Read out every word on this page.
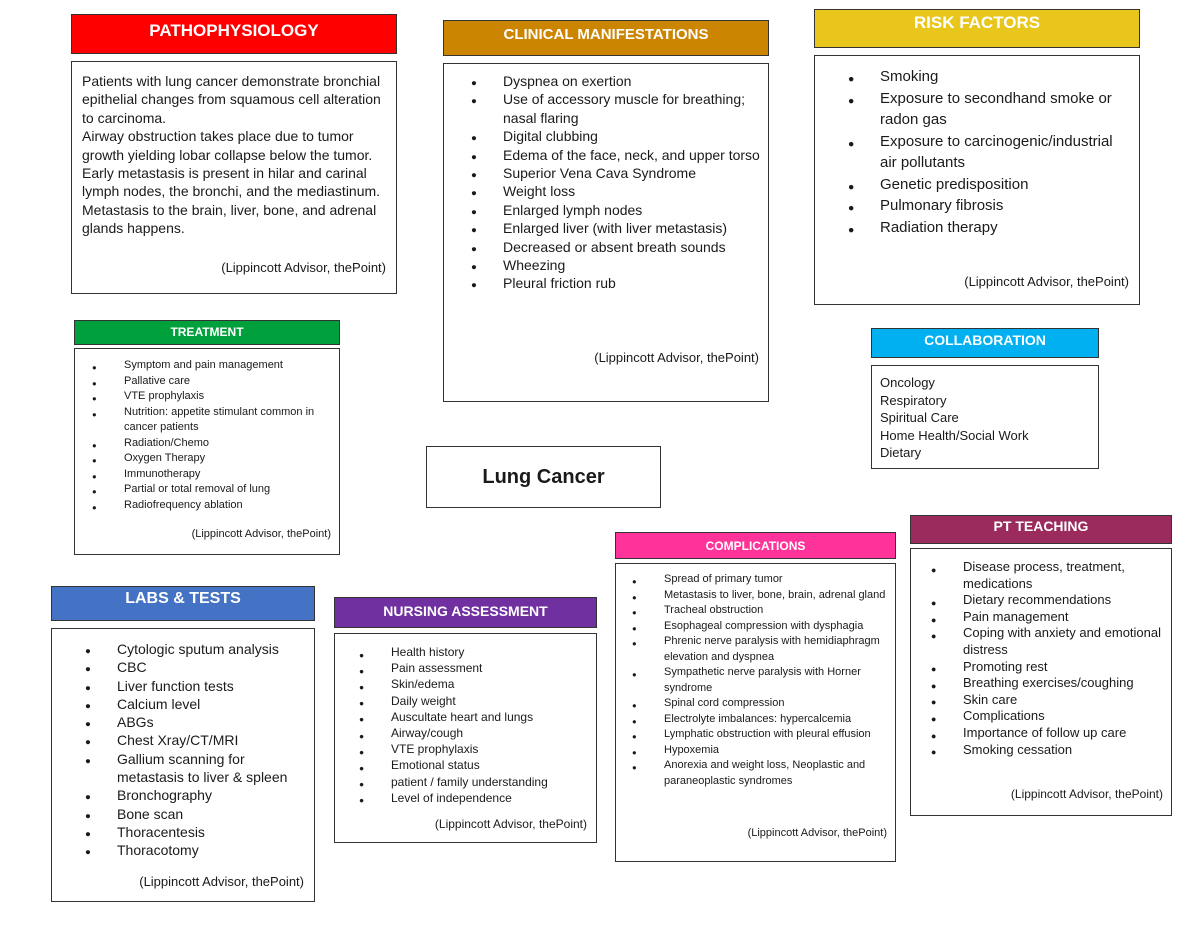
PATHOPHYSIOLOGY

Patients with lung cancer demonstrate bronchial epithelial changes from squamous cell alteration to carcinoma.

Airway obstruction takes place due to tumor growth yielding lobar collapse below the tumor. Early metastasis is present in hilar and carinal lymph nodes, the bronchi, and the mediastinum. Metastasis to the brain, liver, bone, and adrenal glands happens.

(Lippincott Advisor, thePoint)
CLINICAL MANIFESTATIONS
● Dyspnea on exertion
● Use of accessory muscle for breathing; nasal flaring
● Digital clubbing
● Edema of the face, neck, and upper torso
● Superior Vena Cava Syndrome
● Weight loss
● Enlarged lymph nodes
● Enlarged liver (with liver metastasis)
● Decreased or absent breath sounds
● Wheezing
● Pleural friction rub
(Lippincott Advisor, thePoint)
RISK FACTORS
● Smoking
● Exposure to secondhand smoke or radon gas
● Exposure to carcinogenic/industrial air pollutants
● Genetic predisposition
● Pulmonary fibrosis
● Radiation therapy
(Lippincott Advisor, thePoint)
TREATMENT
● Symptom and pain management
● Pallative care
● VTE prophylaxis
● Nutrition: appetite stimulant common in cancer patients
● Radiation/Chemo
● Oxygen Therapy
● Immunotherapy
● Partial or total removal of lung
● Radiofrequency ablation
(Lippincott Advisor, thePoint)
COLLABORATION
Oncology
Respiratory
Spiritual Care
Home Health/Social Work
Dietary
Lung Cancer
PT TEACHING
● Disease process, treatment, medications
● Dietary recommendations
● Pain management
● Coping with anxiety and emotional distress
● Promoting rest
● Breathing exercises/coughing
● Skin care
● Complications
● Importance of follow up care
● Smoking cessation
(Lippincott Advisor, thePoint)
COMPLICATIONS
● Spread of primary tumor
● Metastasis to liver, bone, brain, adrenal gland
● Tracheal obstruction
● Esophageal compression with dysphagia
● Phrenic nerve paralysis with hemidiaphragm elevation and dyspnea
● Sympathetic nerve paralysis with Horner syndrome
● Spinal cord compression
● Electrolyte imbalances: hypercalcemia
● Lymphatic obstruction with pleural effusion
● Hypoxemia
● Anorexia and weight loss, Neoplastic and paraneoplastic syndromes
(Lippincott Advisor, thePoint)
LABS & TESTS
● Cytologic sputum analysis
● CBC
● Liver function tests
● Calcium level
● ABGs
● Chest Xray/CT/MRI
● Gallium scanning for metastasis to liver & spleen
● Bronchography
● Bone scan
● Thoracentesis
● Thoracotomy
(Lippincott Advisor, thePoint)
NURSING ASSESSMENT
● Health history
● Pain assessment
● Skin/edema
● Daily weight
● Auscultate heart and lungs
● Airway/cough
● VTE prophylaxis
● Emotional status
● patient / family understanding
● Level of independence
(Lippincott Advisor, thePoint)
